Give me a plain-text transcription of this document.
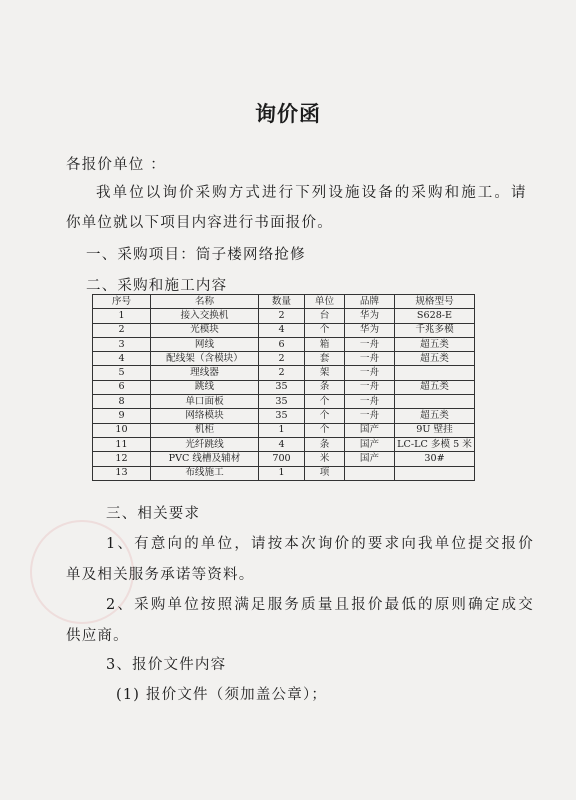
询价函
各报价单位 ：
我单位以询价采购方式进行下列设施设备的采购和施工。请
你单位就以下项目内容进行书面报价。
一、采购项目：筒子楼网络抢修
二、采购和施工内容
序号	名称	数量	单位	品牌	规格型号
1	接入交换机	2	台	华为	S628-E
2	光模块	4	个	华为	千兆多模
3	网线	6	箱	一舟	超五类
4	配线架（含模块）	2	套	一舟	超五类
5	理线器	2	架	一舟	
6	跳线	35	条	一舟	超五类
8	单口面板	35	个	一舟	
9	网络模块	35	个	一舟	超五类
10	机柜	1	个	国产	9U 壁挂
11	光纤跳线	4	条	国产	LC-LC 多模 5 米
12	PVC 线槽及辅材	700	米	国产	30#
13	布线施工	1	项		
三、相关要求
1、有意向的单位，请按本次询价的要求向我单位提交报价
单及相关服务承诺等资料。
2、采购单位按照满足服务质量且报价最低的原则确定成交
供应商。
3、报价文件内容
(1) 报价文件（须加盖公章）；
